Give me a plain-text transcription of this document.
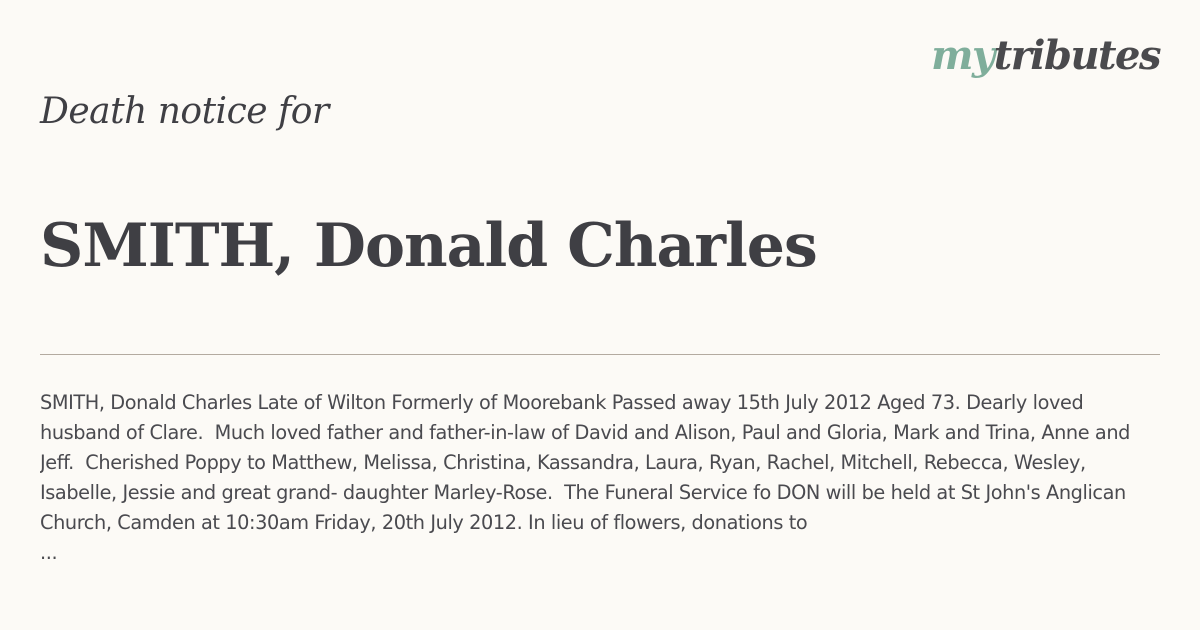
mytributes
Death notice for
SMITH, Donald Charles

SMITH, Donald Charles Late of Wilton Formerly of Moorebank Passed away 15th July 2012 Aged 73. Dearly loved husband of Clare.  Much loved father and father-in-law of David and Alison, Paul and Gloria, Mark and Trina, Anne and Jeff.  Cherished Poppy to Matthew, Melissa, Christina, Kassandra, Laura, Ryan, Rachel, Mitchell, Rebecca, Wesley, Isabelle, Jessie and great grand- daughter Marley-Rose.  The Funeral Service fo DON will be held at St John's Anglican Church, Camden at 10:30am Friday, 20th July 2012. In lieu of flowers, donations to

...
